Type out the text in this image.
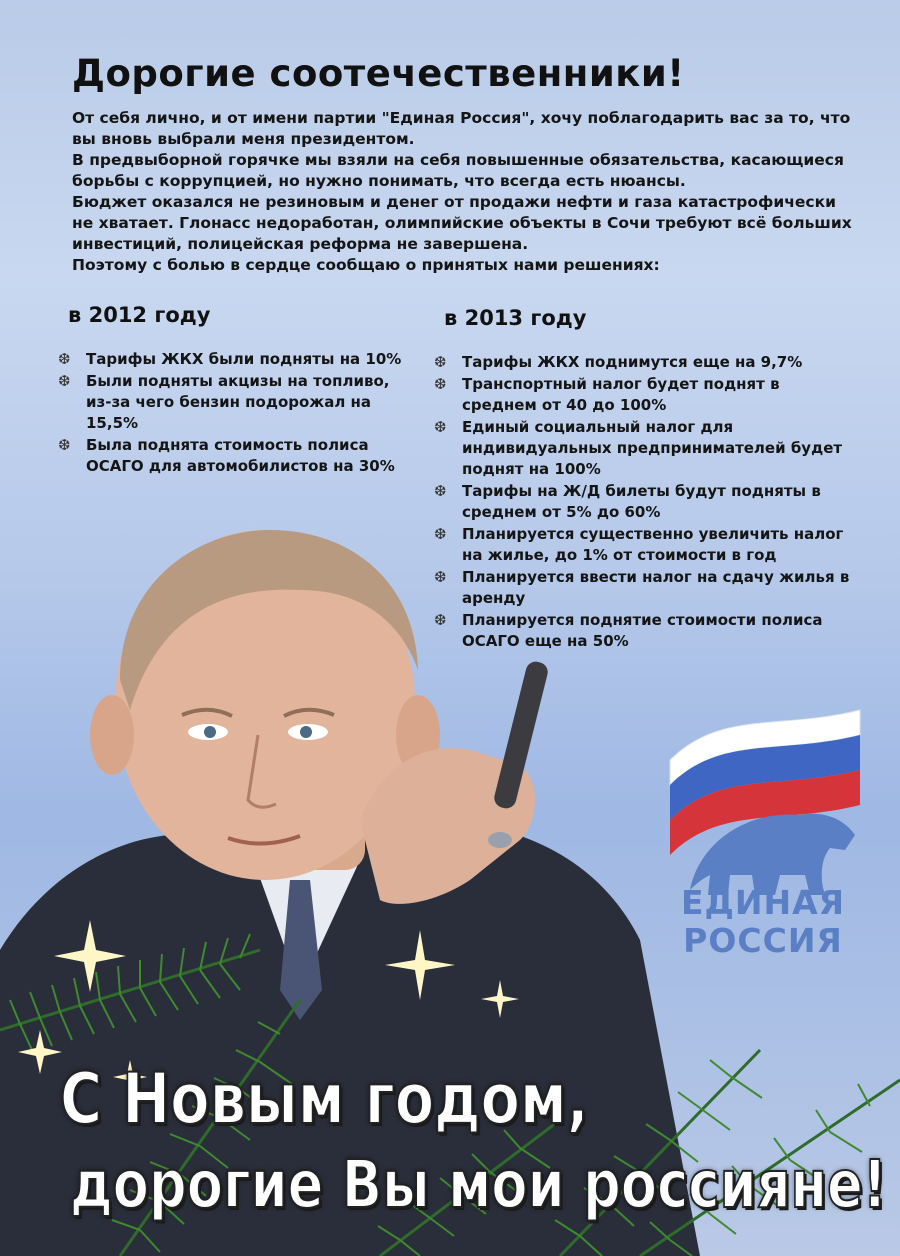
Дорогие соотечественники!

От себя лично, и от имени партии "Единая Россия", хочу поблагодарить вас за то, что вы вновь выбрали меня президентом.

В предвыборной горячке мы взяли на себя повышенные обязательства, касающиеся борьбы с коррупцией, но нужно понимать, что всегда есть нюансы.

Бюджет оказался не резиновым и денег от продажи нефти и газа катастрофически не хватает. Глонасс недоработан, олимпийские объекты в Сочи требуют всё больших инвестиций, полицейская реформа не завершена.

Поэтому с болью в сердце сообщаю о принятых нами решениях:

в 2012 году
❆ Тарифы ЖКХ были подняты на 10%
❆ Были подняты акцизы на топливо, из-за чего бензин подорожал на 15,5%
❆ Была поднята стоимость полиса ОСАГО для автомобилистов на 30%
в 2013 году
❆ Тарифы ЖКХ поднимутся еще на 9,7%
❆ Транспортный налог будет поднят в среднем от 40 до 100%
❆ Единый социальный налог для индивидуальных предпринимателей будет поднят на 100%
❆ Тарифы на Ж/Д билеты будут подняты в среднем от 5% до 60%
❆ Планируется существенно увеличить налог на жилье, до 1% от стоимости в год
❆ Планируется ввести налог на сдачу жилья в аренду
❆ Планируется поднятие стоимости полиса ОСАГО еще на 50%

ЕДИНАЯ

РОССИЯ

С Новым годом,
дорогие Вы мои россияне!
